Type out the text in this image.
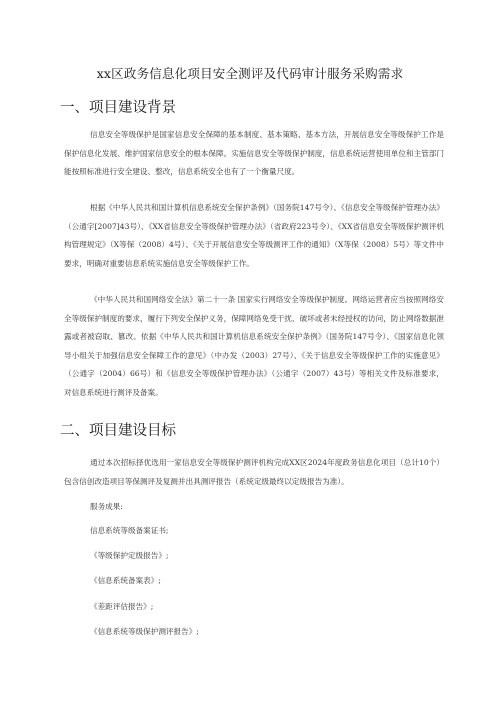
xx区政务信息化项目安全测评及代码审计服务采购需求
一、项目建设背景

信息安全等级保护是国家信息安全保障的基本制度、基本策略、基本方法，开展信息安全等级保护工作是保护信息化发展、维护国家信息安全的根本保障。实施信息安全等级保护制度，信息系统运营使用单位和主管部门能按照标准进行安全建设、整改，信息系统安全也有了一个衡量尺度。

根据《中华人民共和国计算机信息系统安全保护条例》（国务院147号令）、《信息安全等级保护管理办法》（公通字[2007]43号）、《XX省信息安全等级保护管理办法》（省政府223号令）、《XX省信息安全等级保护测评机构管理规定》（X等保（2008）4号）、《关于开展信息安全等级测评工作的通知》（X等保（2008）5号）等文件中要求，明确对重要信息系统实施信息安全等级保护工作。

《中华人民共和国网络安全法》第二十一条 国家实行网络安全等级保护制度。网络运营者应当按照网络安全等级保护制度的要求，履行下列安全保护义务，保障网络免受干扰、破坏或者未经授权的访问，防止网络数据泄露或者被窃取、篡改。依据《中华人民共和国计算机信息系统安全保护条例》（国务院147号令）、《国家信息化领导小组关于加强信息安全保障工作的意见》（中办发（2003）27号）、《关于信息安全等级保护工作的实施意见》（公通字（2004）66号）和《信息安全等级保护管理办法》（公通字（2007）43号）等相关文件及标准要求，对信息系统进行测评及备案。

二、项目建设目标

通过本次招标择优选用一家信息安全等级保护测评机构完成XX区2024年度政务信息化项目（总计10个）包含信创改造项目等保测评及复测并出具测评报告（系统定级最终以定级报告为准）。

服务成果:

信息系统等级备案证书;

《等级保护定级报告》;

《信息系统备案表》;

《差距评估报告》;

《信息系统等级保护测评报告》;
